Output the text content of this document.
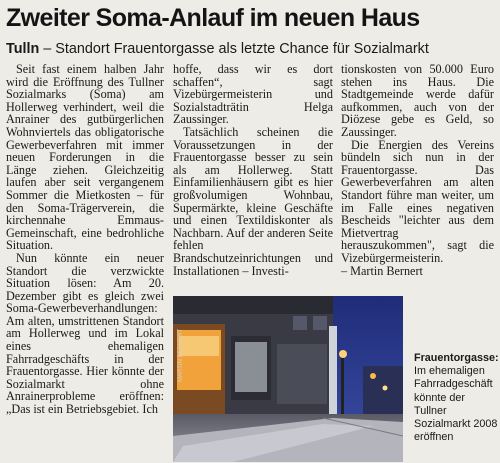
Zweiter Soma-Anlauf im neuen Haus
Tulln – Standort Frauentorgasse als letzte Chance für Sozialmarkt

Seit fast einem halben Jahr wird die Eröffnung des Tullner Sozialmarks (Soma) am Hollerweg verhindert, weil die Anrainer des gutbürgerlichen Wohnviertels das obligatorische Gewerbeverfahren mit immer neuen Forderungen in die Länge ziehen. Gleichzeitig laufen aber seit vergangenem Sommer die Mietkosten – für den Soma-Trägerverein, die kirchennahe Emmaus-Gemeinschaft, eine bedrohliche Situation.

Nun könnte ein neuer Standort die verzwickte Situation lösen: Am 20. Dezember gibt es gleich zwei Soma-Gewerbeverhandlungen: Am alten, umstrittenen Standort am Hollerweg und im Lokal eines ehemaligen Fahrradgeschäfts in der Frauentorgasse. Hier könnte der Sozialmarkt ohne Anrainerprobleme eröffnen: „Das ist ein Betriebsgebiet. Ich

hoffe, dass wir es dort schaffen“, sagt Vizebürgermeisterin und Sozialstadträtin Helga Zaussinger.

Tatsächlich scheinen die Voraussetzungen in der Frauentorgasse besser zu sein als am Hollerweg. Statt Einfamilienhäusern gibt es hier großvolumigen Wohnbau, Supermärkte, kleine Geschäfte und einen Textildiskonter als Nachbarn. Auf der anderen Seite fehlen Brandschutzeinrichtungen und Installationen – Investi-

tionskosten von 50.000 Euro stehen ins Haus. Die Stadtgemeinde werde dafür aufkommen, auch von der Diözese gebe es Geld, so Zaussinger.

Die Energien des Vereins bündeln sich nun in der Frauentorgasse. Das Gewerbeverfahren am alten Standort führe man weiter, um im Falle eines negativen Bescheids "leichter aus dem Mietvertrag herauszukommen", sagt die Vizebürgermeisterin. – Martin Bernert

MARTIN BERNERT	Frauentorgasse:
Im ehemaligen Fahrradgeschäft könnte der Tullner Sozialmarkt 2008 eröffnen
